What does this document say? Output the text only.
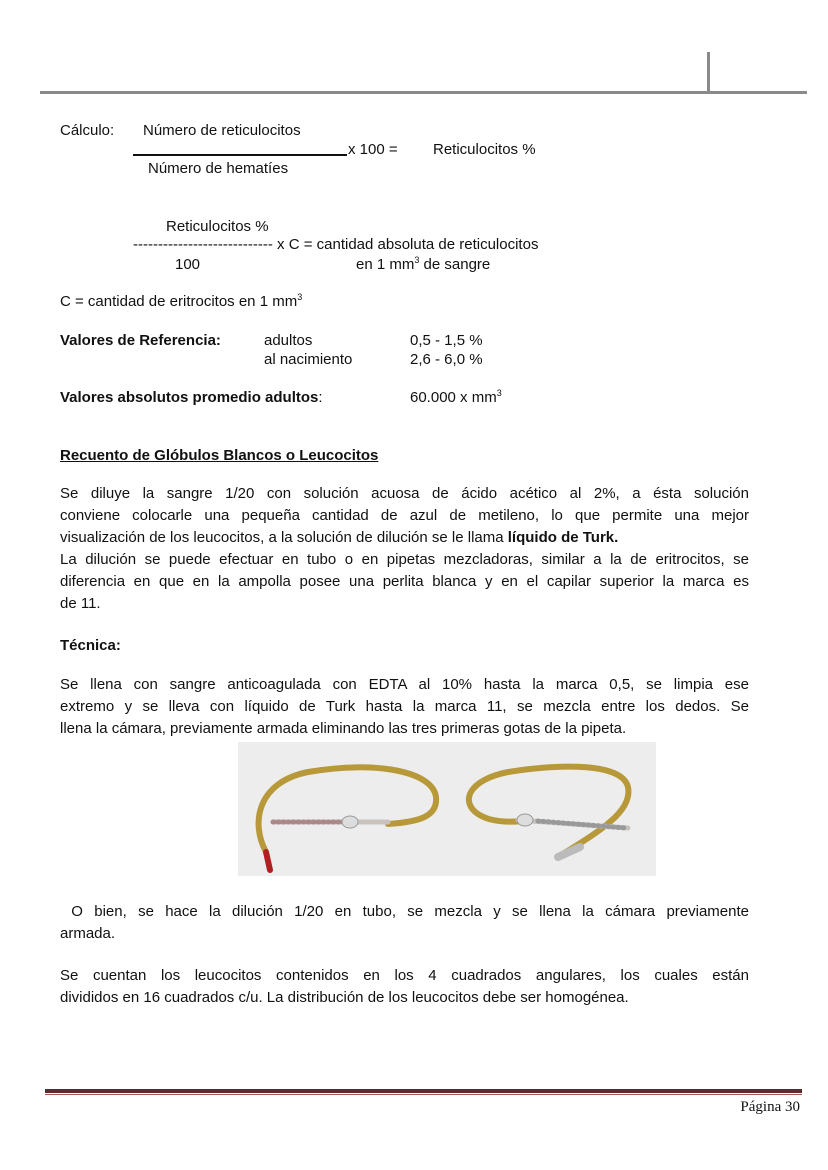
Cálculo: Número de reticulocitos
x 100 = Reticulocitos %
Número de hematíes
Reticulocitos %
---------------------------- x C = cantidad absoluta de reticulocitos
100	en 1 $mm^3$ de sangre
C = cantidad de eritrocitos en 1 $mm^3$
Valores de Referencia:	adultos	0,5 - 1,5 %
al nacimiento	2,6 - 6,0 %
Valores absolutos promedio adultos:	60.000 x $mm^3$
Recuento de Glóbulos Blancos o Leucocitos
Se diluye la sangre 1/20 con solución acuosa de ácido acético al 2%, a ésta solución
conviene colocarle una pequeña cantidad de azul de metileno, lo que permite una mejor
visualización de los leucocitos, a la solución de dilución se le llama líquido de Turk.
La dilución se puede efectuar en tubo o en pipetas mezcladoras, similar a la de eritrocitos, se
diferencia en que en la ampolla posee una perlita blanca y en el capilar superior la marca es
de 11.
Técnica:
Se llena con sangre anticoagulada con EDTA al 10% hasta la marca 0,5, se limpia ese
extremo y se lleva con líquido de Turk hasta la marca 11, se mezcla entre los dedos. Se
llena la cámara, previamente armada eliminando las tres primeras gotas de la pipeta.
O bien, se hace la dilución 1/20 en tubo, se mezcla y se llena la cámara previamente
armada.
Se cuentan los leucocitos contenidos en los 4 cuadrados angulares, los cuales están
divididos en 16 cuadrados c/u. La distribución de los leucocitos debe ser homogénea.
Página 30
